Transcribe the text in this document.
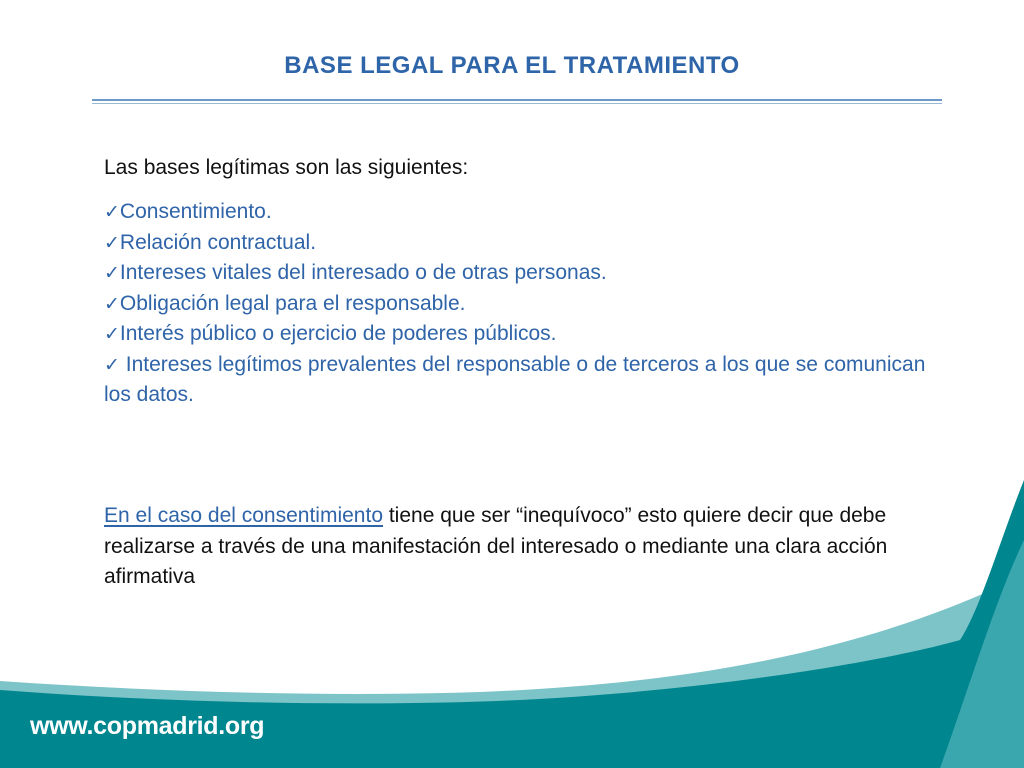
BASE LEGAL PARA EL TRATAMIENTO

Las bases legítimas son las siguientes:

✓Consentimiento.
✓Relación contractual.
✓Intereses vitales del interesado o de otras personas.
✓Obligación legal para el responsable.
✓Interés público o ejercicio de poderes públicos.
✓ Intereses legítimos prevalentes del responsable o de terceros a los que se comunican los datos.
En el caso del consentimiento tiene que ser “inequívoco” esto quiere decir que debe realizarse a través de una manifestación del interesado o mediante una clara acción afirmativa
www.copmadrid.org
